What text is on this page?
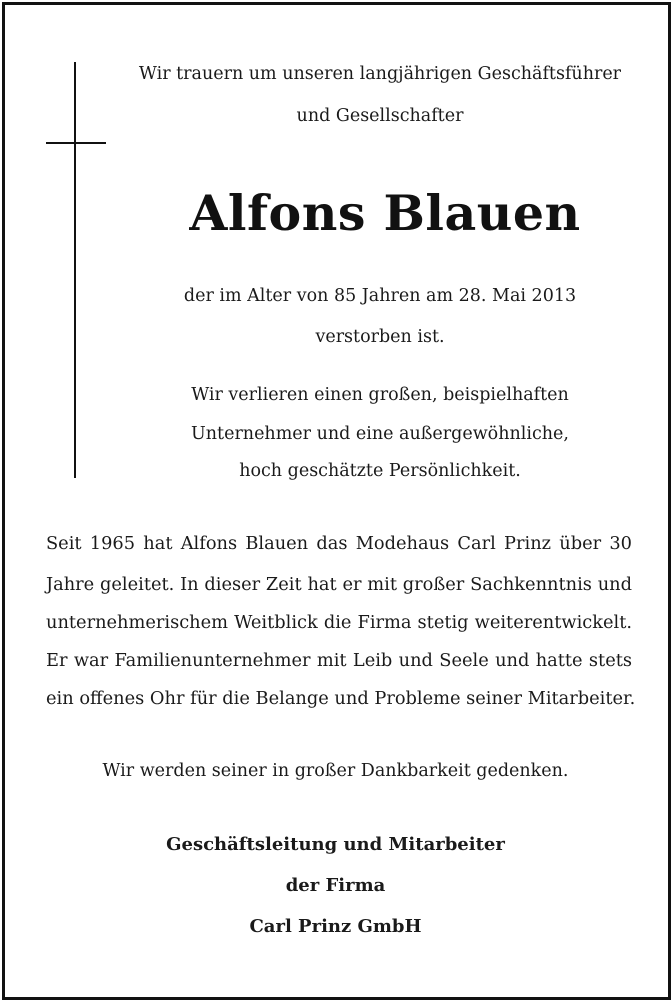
Wir trauern um unseren langjährigen Geschäftsführer
und Gesellschafter
Alfons Blauen
der im Alter von 85 Jahren am 28. Mai 2013
verstorben ist.
Wir verlieren einen großen, beispielhaften
Unternehmer und eine außergewöhnliche,
hoch geschätzte Persönlichkeit.
Seit 1965 hat Alfons Blauen das Modehaus Carl Prinz über 30
Jahre geleitet. In dieser Zeit hat er mit großer Sachkenntnis und
unternehmerischem Weitblick die Firma stetig weiterentwickelt.
Er war Familienunternehmer mit Leib und Seele und hatte stets
ein offenes Ohr für die Belange und Probleme seiner Mitarbeiter.
Wir werden seiner in großer Dankbarkeit gedenken.
Geschäftsleitung und Mitarbeiter
der Firma
Carl Prinz GmbH
